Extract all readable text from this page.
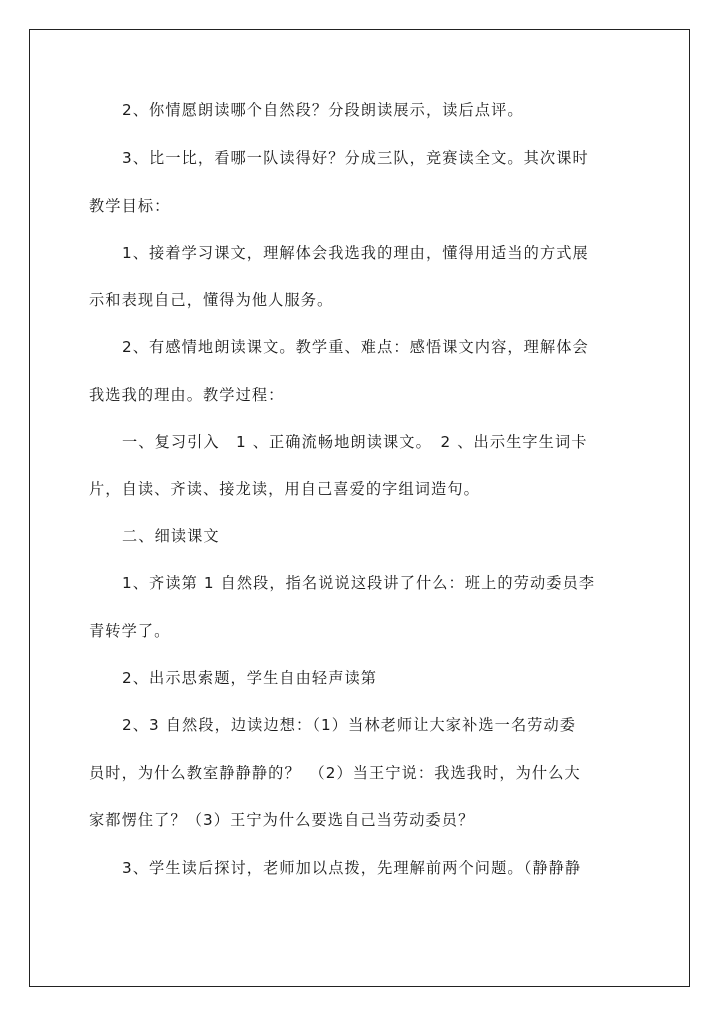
2、你情愿朗读哪个自然段？分段朗读展示，读后点评。
3、比一比，看哪一队读得好？分成三队，竞赛读全文。其次课时
教学目标：
1、接着学习课文，理解体会我选我的理由，懂得用适当的方式展
示和表现自己，懂得为他人服务。
2、有感情地朗读课文。教学重、难点：感悟课文内容，理解体会
我选我的理由。教学过程：
一、复习引入　1 、正确流畅地朗读课文。　2 、出示生字生词卡
片，自读、齐读、接龙读，用自己喜爱的字组词造句。
二、细读课文
1、齐读第 1 自然段，指名说说这段讲了什么：班上的劳动委员李
青转学了。
2、出示思索题，学生自由轻声读第
2、3 自然段，边读边想：（1）当林老师让大家补选一名劳动委
员时，为什么教室静静静的？　（2）当王宁说：我选我时，为什么大
家都愣住了？（3）王宁为什么要选自己当劳动委员？
3、学生读后探讨，老师加以点拨，先理解前两个问题。（静静静
